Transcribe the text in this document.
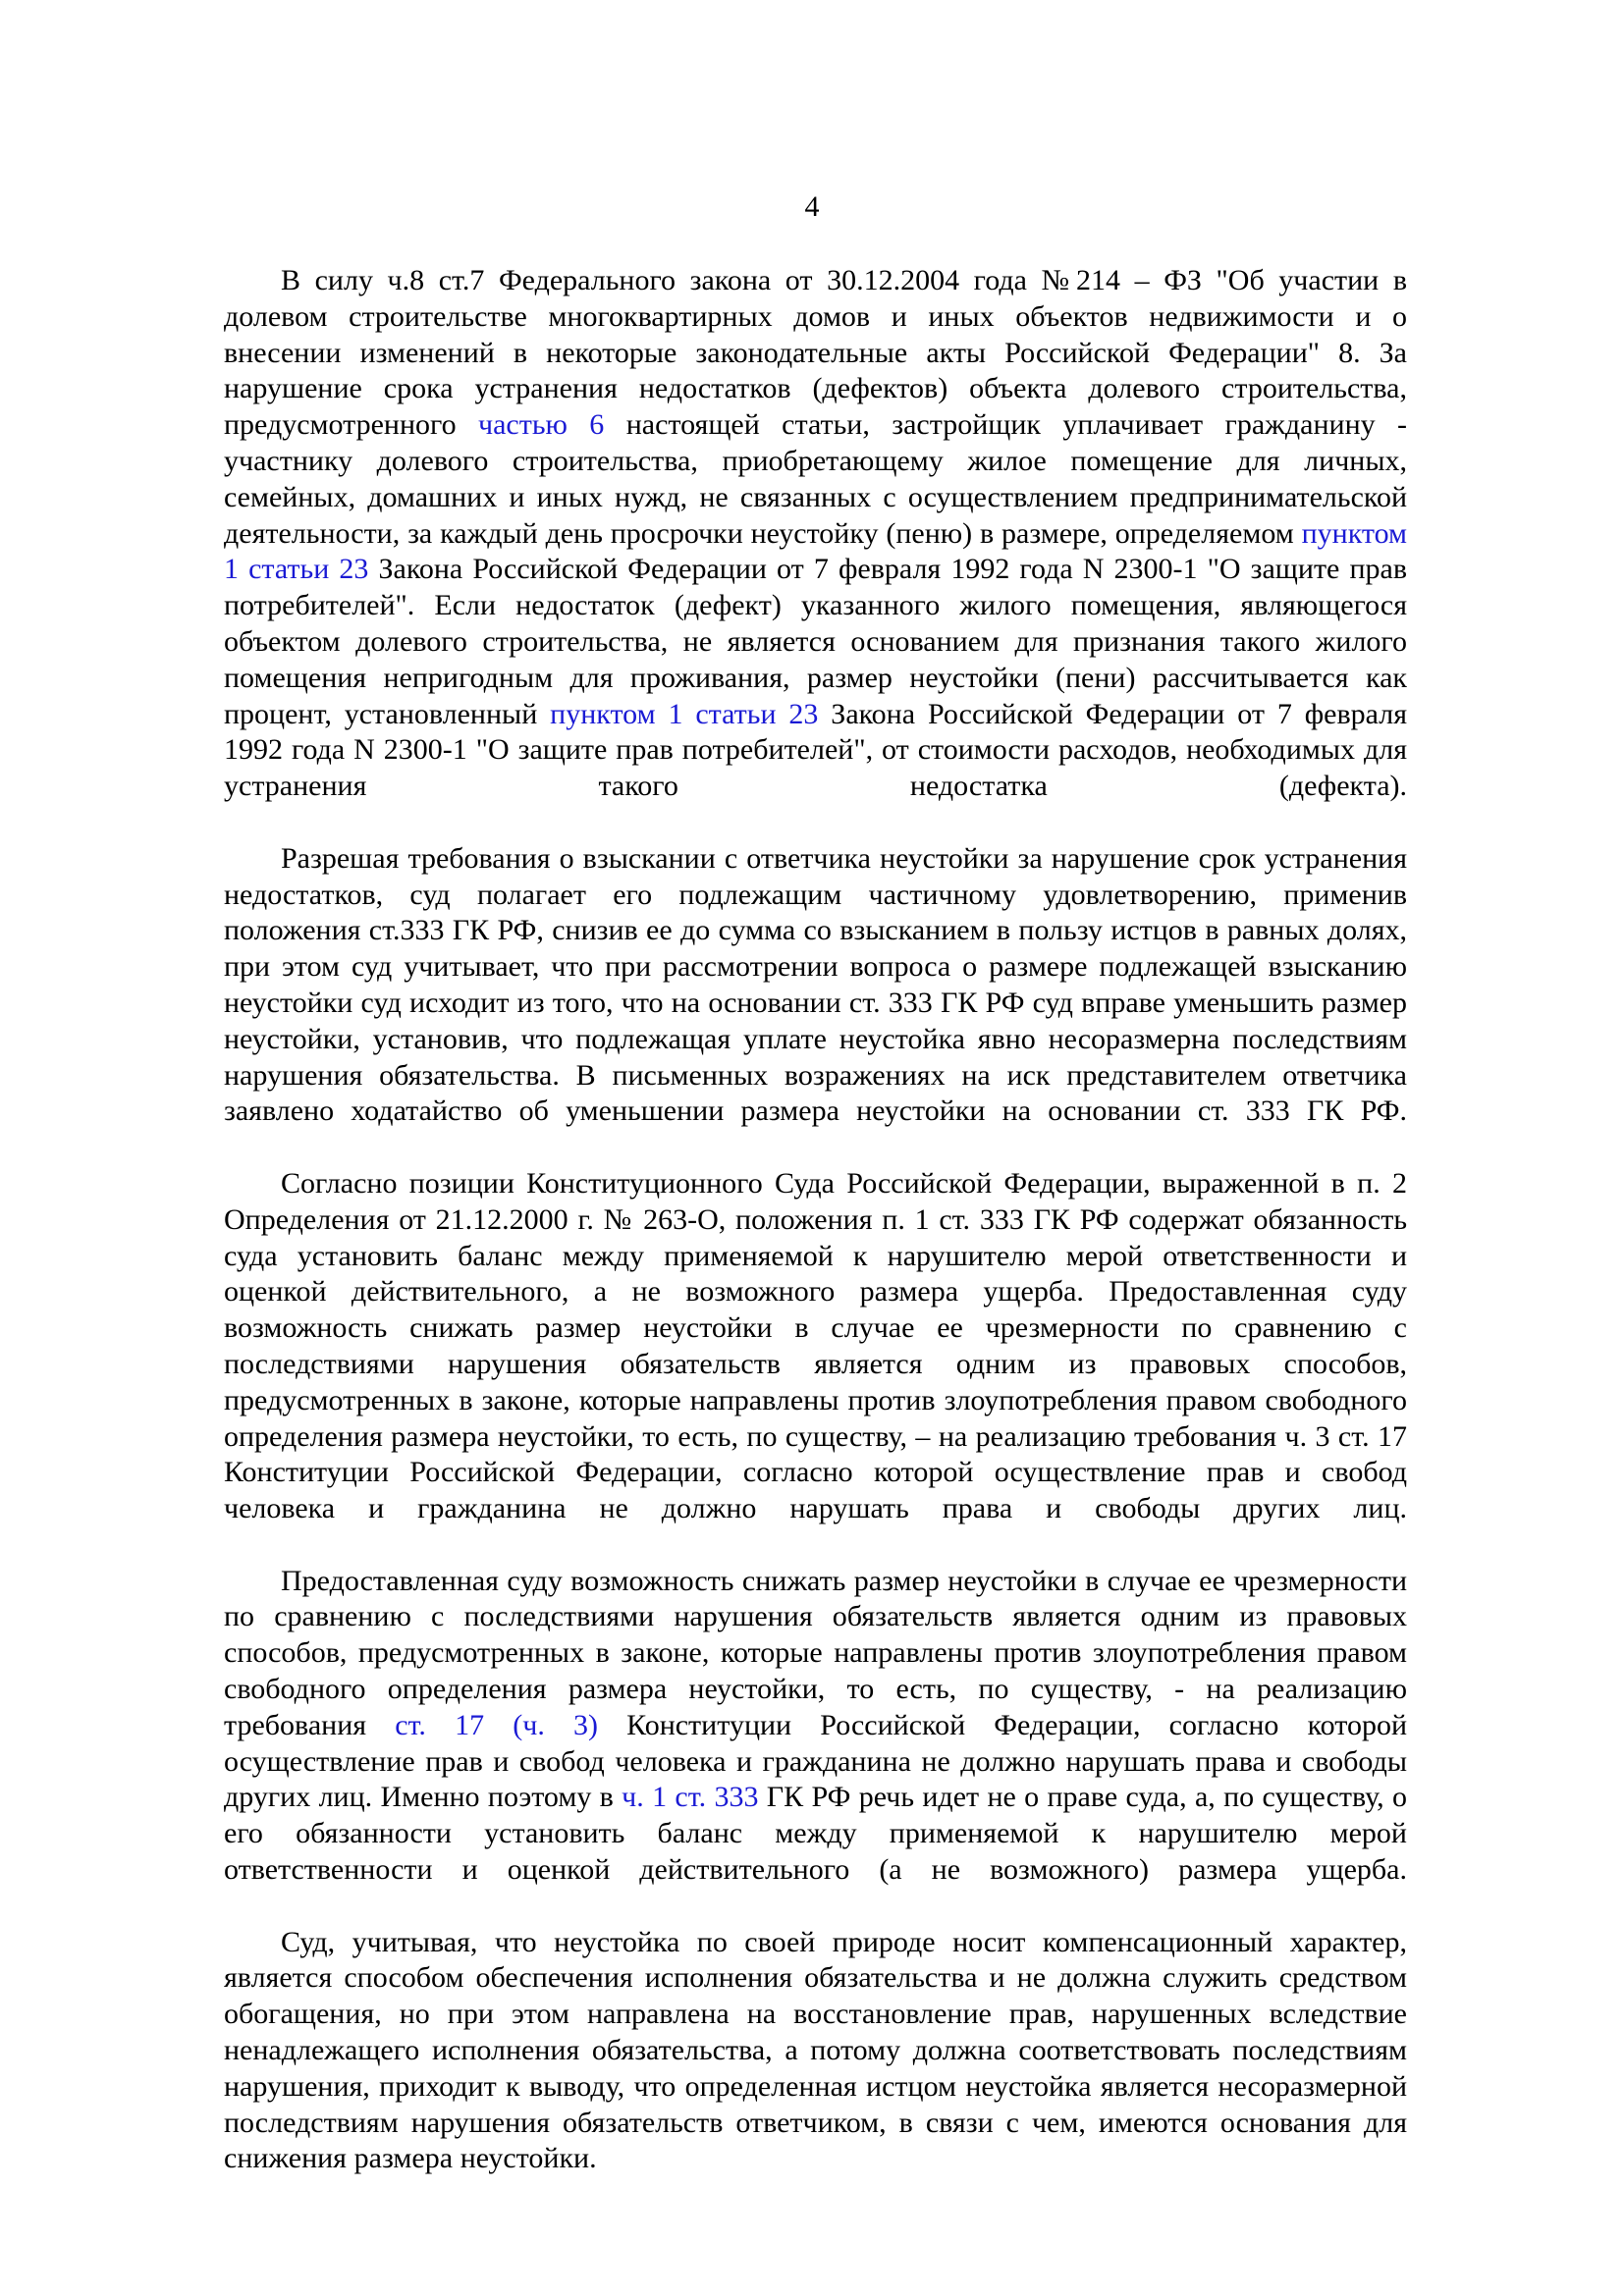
4

В силу ч.8 ст.7 Федерального закона от 30.12.2004 года №214 – ФЗ "Об участии в долевом строительстве многоквартирных домов и иных объектов недвижимости и о внесении изменений в некоторые законодательные акты Российской Федерации" 8. За нарушение срока устранения недостатков (дефектов) объекта долевого строительства, предусмотренного частью 6 настоящей статьи, застройщик уплачивает гражданину - участнику долевого строительства, приобретающему жилое помещение для личных, семейных, домашних и иных нужд, не связанных с осуществлением предпринимательской деятельности, за каждый день просрочки неустойку (пеню) в размере, определяемом пунктом 1 статьи 23 Закона Российской Федерации от 7 февраля 1992 года N 2300-1 "О защите прав потребителей". Если недостаток (дефект) указанного жилого помещения, являющегося объектом долевого строительства, не является основанием для признания такого жилого помещения непригодным для проживания, размер неустойки (пени) рассчитывается как процент, установленный пунктом 1 статьи 23 Закона Российской Федерации от 7 февраля 1992 года N 2300-1 "О защите прав потребителей", от стоимости расходов, необходимых для устранения такого недостатка (дефекта).

Разрешая требования о взыскании с ответчика неустойки за нарушение срок устранения недостатков, суд полагает его подлежащим частичному удовлетворению, применив положения ст.333 ГК РФ, снизив ее до сумма со взысканием в пользу истцов в равных долях, при этом суд учитывает, что при рассмотрении вопроса о размере подлежащей взысканию неустойки суд исходит из того, что на основании ст. 333 ГК РФ суд вправе уменьшить размер неустойки, установив, что подлежащая уплате неустойка явно несоразмерна последствиям нарушения обязательства. В письменных возражениях на иск представителем ответчика заявлено ходатайство об уменьшении размера неустойки на основании ст. 333 ГК РФ.

Согласно позиции Конституционного Суда Российской Федерации, выраженной в п. 2 Определения от 21.12.2000 г. № 263-О, положения п. 1 ст. 333 ГК РФ содержат обязанность суда установить баланс между применяемой к нарушителю мерой ответственности и оценкой действительного, а не возможного размера ущерба. Предоставленная суду возможность снижать размер неустойки в случае ее чрезмерности по сравнению с последствиями нарушения обязательств является одним из правовых способов, предусмотренных в законе, которые направлены против злоупотребления правом свободного определения размера неустойки, то есть, по существу, – на реализацию требования ч. 3 ст. 17 Конституции Российской Федерации, согласно которой осуществление прав и свобод человека и гражданина не должно нарушать права и свободы других лиц.

Предоставленная суду возможность снижать размер неустойки в случае ее чрезмерности по сравнению с последствиями нарушения обязательств является одним из правовых способов, предусмотренных в законе, которые направлены против злоупотребления правом свободного определения размера неустойки, то есть, по существу, - на реализацию требования ст. 17 (ч. 3) Конституции Российской Федерации, согласно которой осуществление прав и свобод человека и гражданина не должно нарушать права и свободы других лиц. Именно поэтому в ч. 1 ст. 333 ГК РФ речь идет не о праве суда, а, по существу, о его обязанности установить баланс между применяемой к нарушителю мерой ответственности и оценкой действительного (а не возможного) размера ущерба.

Суд, учитывая, что неустойка по своей природе носит компенсационный характер, является способом обеспечения исполнения обязательства и не должна служить средством обогащения, но при этом направлена на восстановление прав, нарушенных вследствие ненадлежащего исполнения обязательства, а потому должна соответствовать последствиям нарушения, приходит к выводу, что определенная истцом неустойка является несоразмерной последствиям нарушения обязательств ответчиком, в связи с чем, имеются основания для снижения размера неустойки.
